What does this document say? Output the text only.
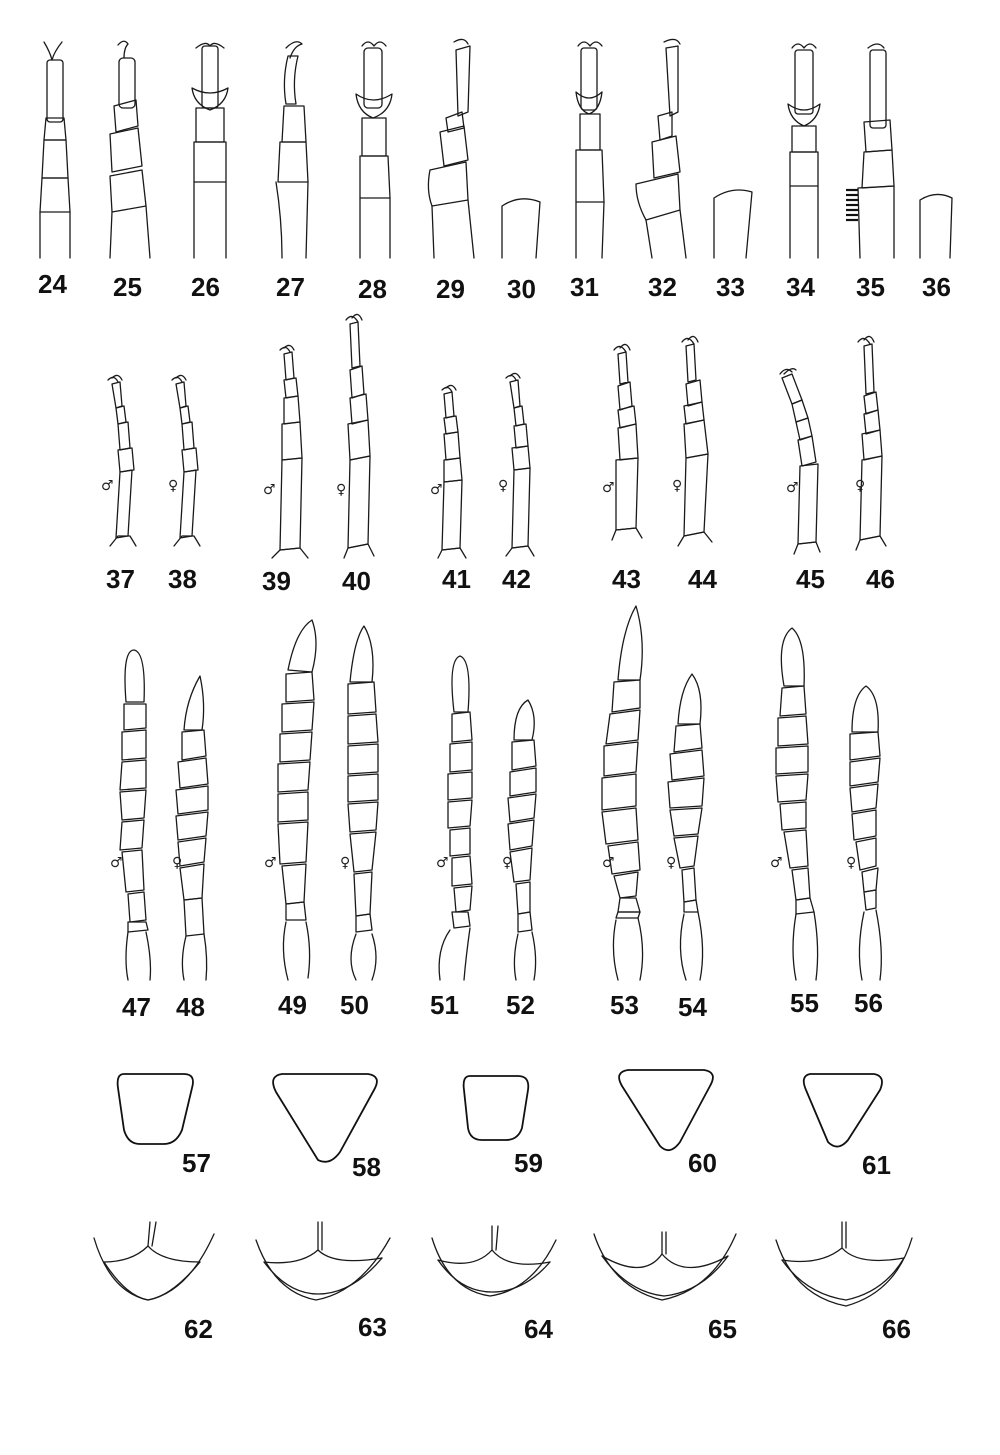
24 25 26 27 28 29 30 31 32 33 34 35 36
♂	♀	♂	♀	♂	♀	♂	♀	♂	♀
37 38	39 40	41 42	43 44	45 46
♂	♀	♂	♀	♂	♀	♂	♀	♂	♀
47 48	49 50 51 52	53 54	55 56
57	58	59	60	61
62	63	64	65	66
